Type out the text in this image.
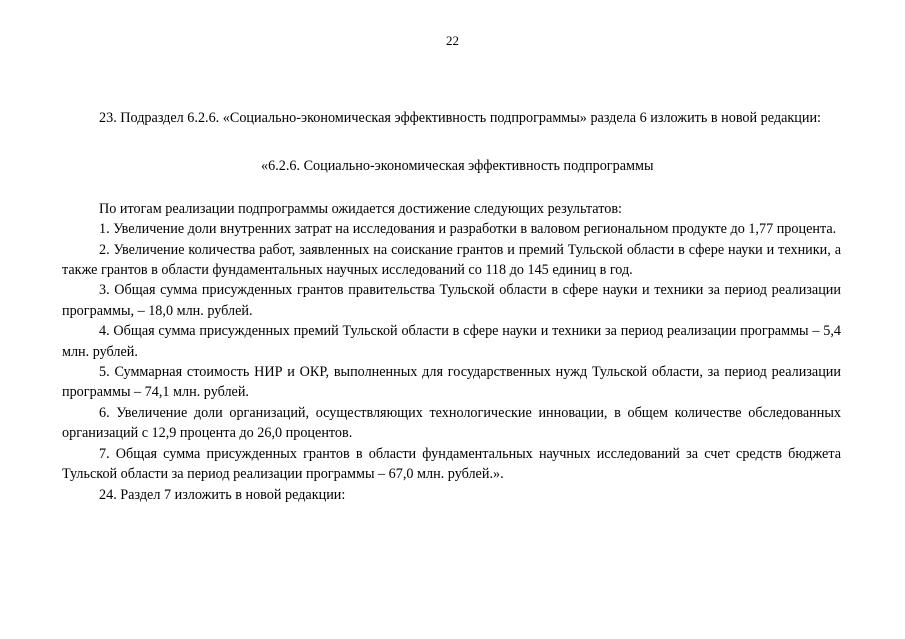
22

23. Подраздел 6.2.6. «Социально-экономическая эффективность подпрограммы» раздела 6 изложить в новой редакции:

«6.2.6. Социально-экономическая эффективность подпрограммы

По итогам реализации подпрограммы ожидается достижение следующих результатов:

1. Увеличение доли внутренних затрат на исследования и разработки в валовом региональном продукте до 1,77 процента.

2. Увеличение количества работ, заявленных на соискание грантов и премий Тульской области в сфере науки и техники, а также грантов в области фундаментальных научных исследований со 118 до 145 единиц в год.

3. Общая сумма присужденных грантов правительства Тульской области в сфере науки и техники за период реализации программы, – 18,0 млн. рублей.

4. Общая сумма присужденных премий Тульской области в сфере науки и техники за период реализации программы – 5,4 млн. рублей.

5. Суммарная стоимость НИР и ОКР, выполненных для государственных нужд Тульской области, за период реализации программы – 74,1 млн. рублей.

6. Увеличение доли организаций, осуществляющих технологические инновации, в общем количестве обследованных организаций с 12,9 процента до 26,0 процентов.

7. Общая сумма присужденных грантов в области фундаментальных научных исследований за счет средств бюджета Тульской области за период реализации программы – 67,0 млн. рублей.».

24. Раздел 7 изложить в новой редакции:
